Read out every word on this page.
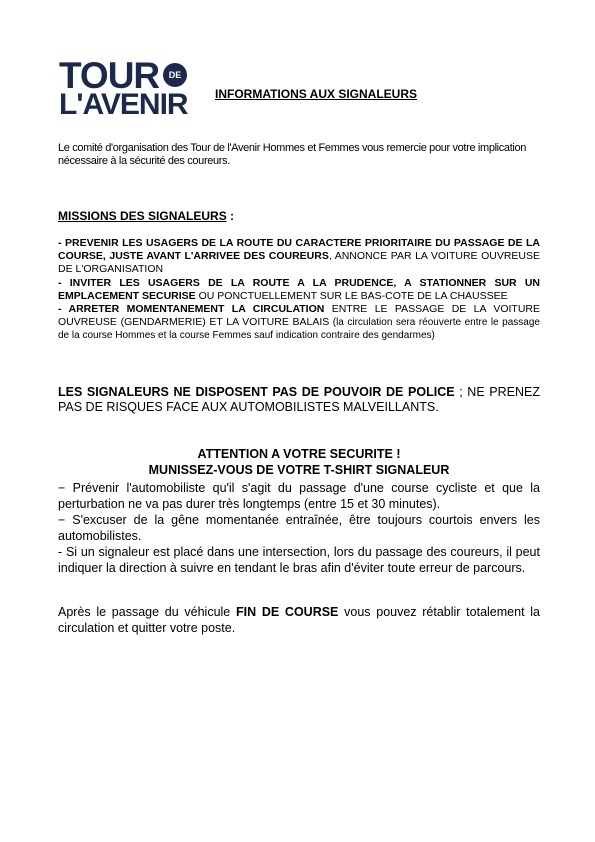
TOUR	DE
L'AVENIR INFORMATIONS AUX SIGNALEURS
Le comité d'organisation des Tour de l'Avenir Hommes et Femmes vous remercie pour votre implication nécessaire à la sécurité des coureurs.
MISSIONS DES SIGNALEURS :

- PREVENIR LES USAGERS DE LA ROUTE DU CARACTERE PRIORITAIRE DU PASSAGE DE LA COURSE, JUSTE AVANT L'ARRIVEE DES COUREURS, ANNONCE PAR LA VOITURE OUVREUSE DE L'ORGANISATION

- INVITER LES USAGERS DE LA ROUTE A LA PRUDENCE, A STATIONNER SUR UN EMPLACEMENT SECURISE OU PONCTUELLEMENT SUR LE BAS-COTE DE LA CHAUSSEE

- ARRETER MOMENTANEMENT LA CIRCULATION ENTRE LE PASSAGE DE LA VOITURE OUVREUSE (GENDARMERIE) ET LA VOITURE BALAIS (la circulation sera réouverte entre le passage de la course Hommes et la course Femmes sauf indication contraire des gendarmes)

LES SIGNALEURS NE DISPOSENT PAS DE POUVOIR DE POLICE ; NE PRENEZ PAS DE RISQUES FACE AUX AUTOMOBILISTES MALVEILLANTS.
ATTENTION A VOTRE SECURITE !
MUNISSEZ-VOUS DE VOTRE T-SHIRT SIGNALEUR

− Prévenir l'automobiliste qu'il s'agit du passage d'une course cycliste et que la perturbation ne va pas durer très longtemps (entre 15 et 30 minutes).

− S'excuser de la gêne momentanée entraînée, être toujours courtois envers les automobilistes.

- Si un signaleur est placé dans une intersection, lors du passage des coureurs, il peut indiquer la direction à suivre en tendant le bras afin d'éviter toute erreur de parcours.

Après le passage du véhicule FIN DE COURSE vous pouvez rétablir totalement la circulation et quitter votre poste.
